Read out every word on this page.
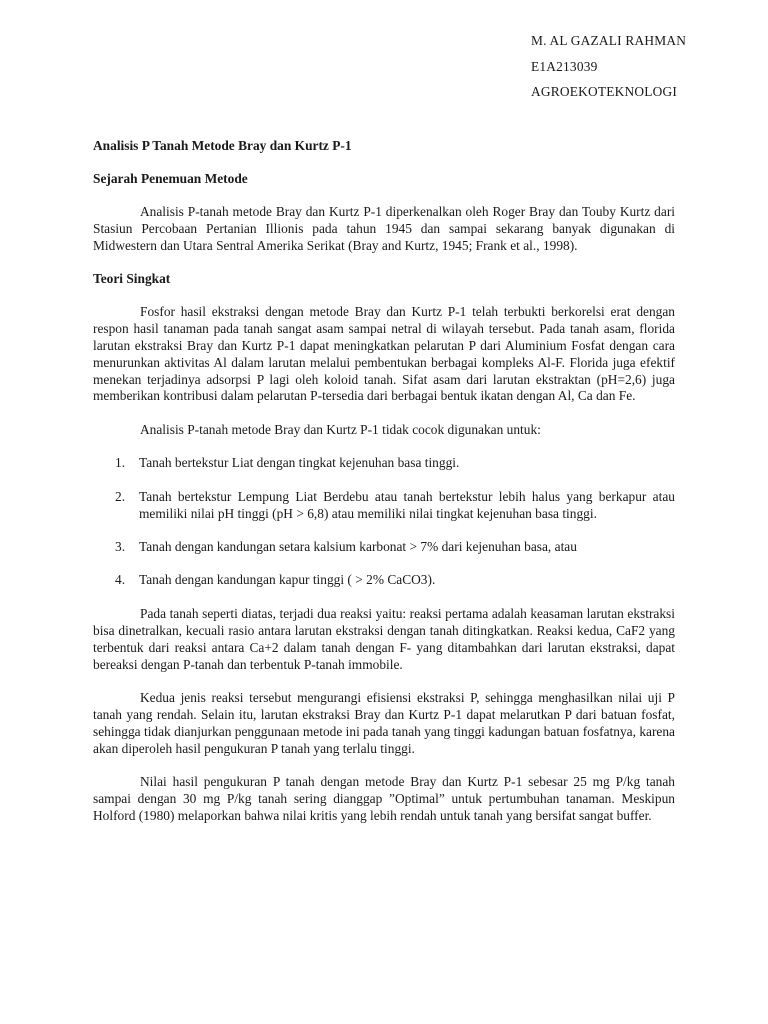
M. AL GAZALI RAHMAN
E1A213039
AGROEKOTEKNOLOGI
Analisis P Tanah Metode Bray dan Kurtz P-1
Sejarah Penemuan Metode

Analisis P-tanah metode Bray dan Kurtz P-1 diperkenalkan oleh Roger Bray dan Touby Kurtz dari Stasiun Percobaan Pertanian Illionis pada tahun 1945 dan sampai sekarang banyak digunakan di Midwestern dan Utara Sentral Amerika Serikat (Bray and Kurtz, 1945; Frank et al., 1998).

Teori Singkat

Fosfor hasil ekstraksi dengan metode Bray dan Kurtz P-1 telah terbukti berkorelsi erat dengan respon hasil tanaman pada tanah sangat asam sampai netral di wilayah tersebut. Pada tanah asam, florida larutan ekstraksi Bray dan Kurtz P-1 dapat meningkatkan pelarutan P dari Aluminium Fosfat dengan cara menurunkan aktivitas Al dalam larutan melalui pembentukan berbagai kompleks Al-F. Florida juga efektif menekan terjadinya adsorpsi P lagi oleh koloid tanah. Sifat asam dari larutan ekstraktan (pH=2,6) juga memberikan kontribusi dalam pelarutan P-tersedia dari berbagai bentuk ikatan dengan Al, Ca dan Fe.

Analisis P-tanah metode Bray dan Kurtz P-1 tidak cocok digunakan untuk:

1. Tanah bertekstur Liat dengan tingkat kejenuhan basa tinggi.
2. Tanah bertekstur Lempung Liat Berdebu atau tanah bertekstur lebih halus yang berkapur atau memiliki nilai pH tinggi (pH > 6,8) atau memiliki nilai tingkat kejenuhan basa tinggi.
3. Tanah dengan kandungan setara kalsium karbonat > 7% dari kejenuhan basa, atau
4. Tanah dengan kandungan kapur tinggi ( > 2% CaCO3).

Pada tanah seperti diatas, terjadi dua reaksi yaitu: reaksi pertama adalah keasaman larutan ekstraksi bisa dinetralkan, kecuali rasio antara larutan ekstraksi dengan tanah ditingkatkan. Reaksi kedua, CaF2 yang terbentuk dari reaksi antara Ca+2 dalam tanah dengan F- yang ditambahkan dari larutan ekstraksi, dapat bereaksi dengan P-tanah dan terbentuk P-tanah immobile.

Kedua jenis reaksi tersebut mengurangi efisiensi ekstraksi P, sehingga menghasilkan nilai uji P tanah yang rendah. Selain itu, larutan ekstraksi Bray dan Kurtz P-1 dapat melarutkan P dari batuan fosfat, sehingga tidak dianjurkan penggunaan metode ini pada tanah yang tinggi kadungan batuan fosfatnya, karena akan diperoleh hasil pengukuran P tanah yang terlalu tinggi.

Nilai hasil pengukuran P tanah dengan metode Bray dan Kurtz P-1 sebesar 25 mg P/kg tanah sampai dengan 30 mg P/kg tanah sering dianggap ”Optimal” untuk pertumbuhan tanaman. Meskipun Holford (1980) melaporkan bahwa nilai kritis yang lebih rendah untuk tanah yang bersifat sangat buffer.
